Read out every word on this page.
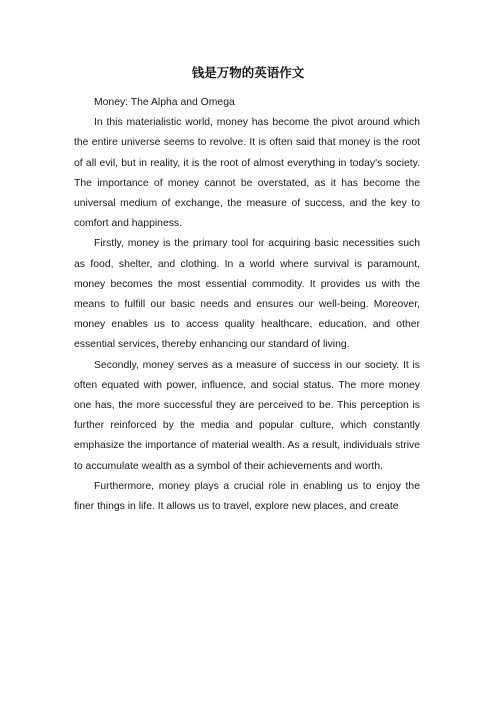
钱是万物的英语作文

Money: The Alpha and Omega

In this materialistic world, money has become the pivot around which the entire universe seems to revolve. It is often said that money is the root of all evil, but in reality, it is the root of almost everything in today's society. The importance of money cannot be overstated, as it has become the universal medium of exchange, the measure of success, and the key to comfort and happiness.

Firstly, money is the primary tool for acquiring basic necessities such as food, shelter, and clothing. In a world where survival is paramount, money becomes the most essential commodity. It provides us with the means to fulfill our basic needs and ensures our well-being. Moreover, money enables us to access quality healthcare, education, and other essential services, thereby enhancing our standard of living.

Secondly, money serves as a measure of success in our society. It is often equated with power, influence, and social status. The more money one has, the more successful they are perceived to be. This perception is further reinforced by the media and popular culture, which constantly emphasize the importance of material wealth. As a result, individuals strive to accumulate wealth as a symbol of their achievements and worth.

Furthermore, money plays a crucial role in enabling us to enjoy the finer things in life. It allows us to travel, explore new places, and create
